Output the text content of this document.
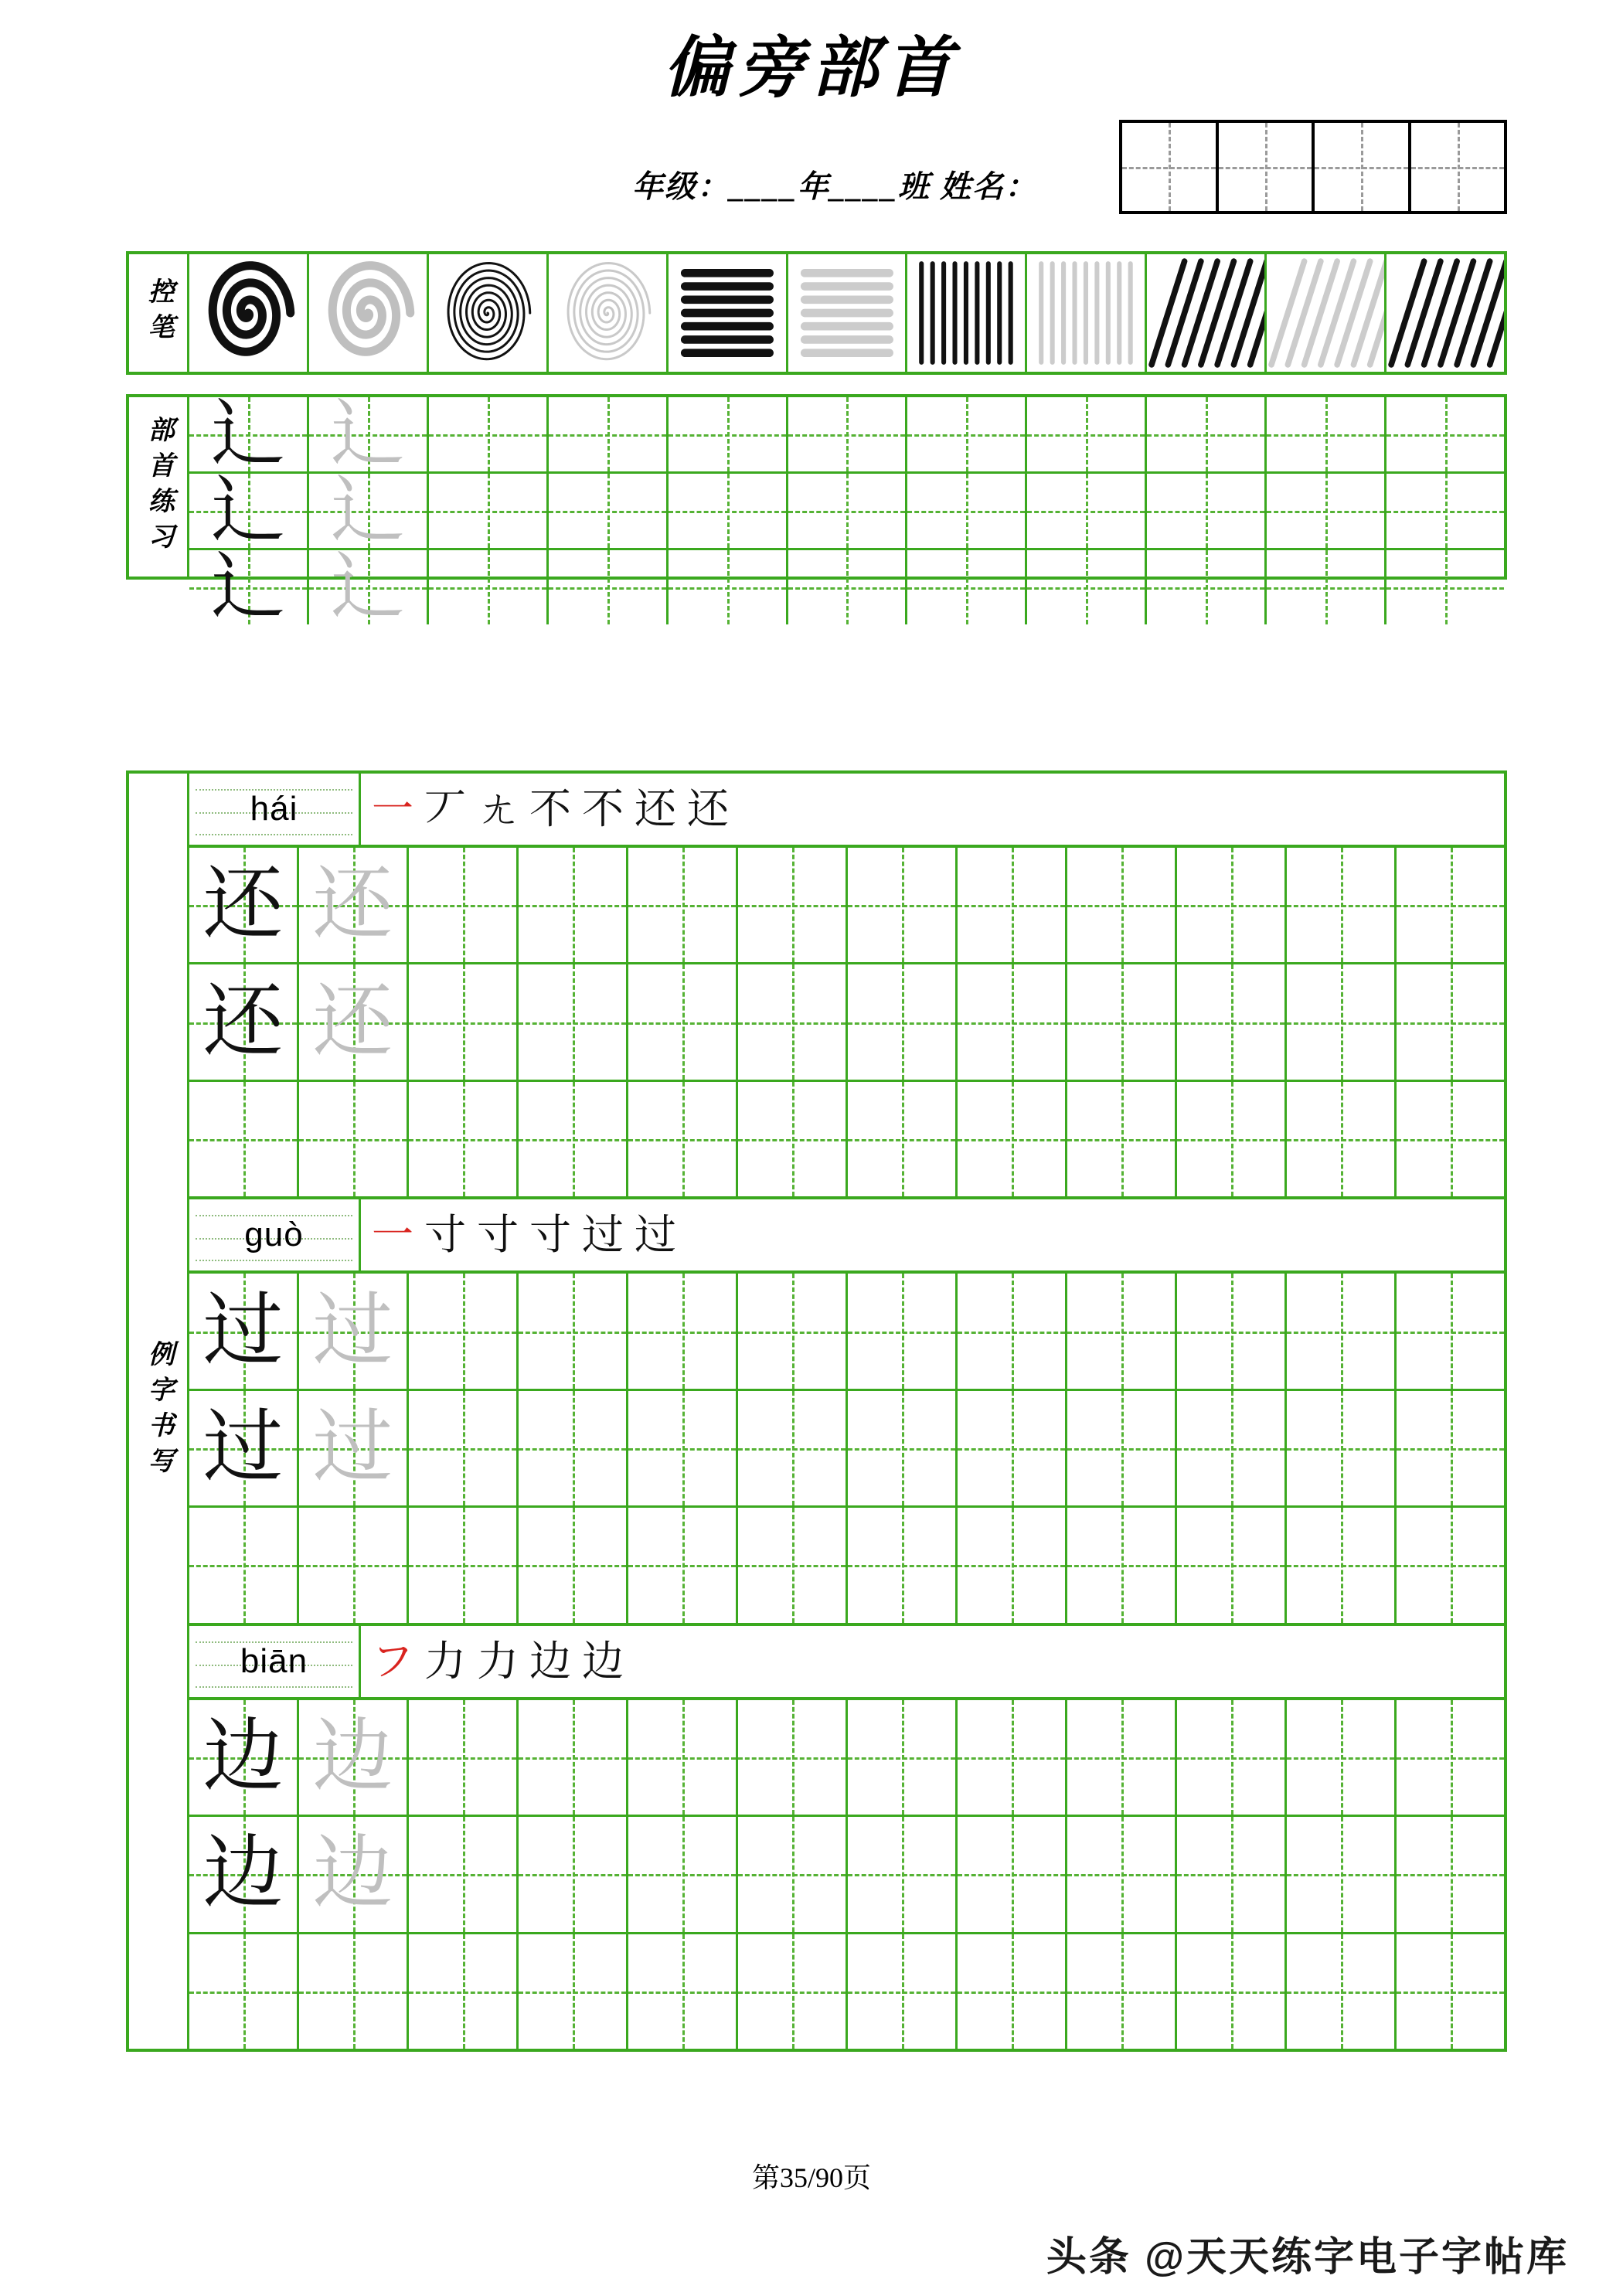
偏旁部首
年级：____年____班 姓名：
控笔
部首练习 辶 辶
辶 辶
辶 辶
例字书写
hái 一 丆 ㄤ 不 不 还 还
还 还
还 还
guò 一 寸 寸 寸 过 过
过 过
过 过
biān フ 力 力 边 边
边 边
边 边
第35/90页
头条 @天天练字电子字帖库
